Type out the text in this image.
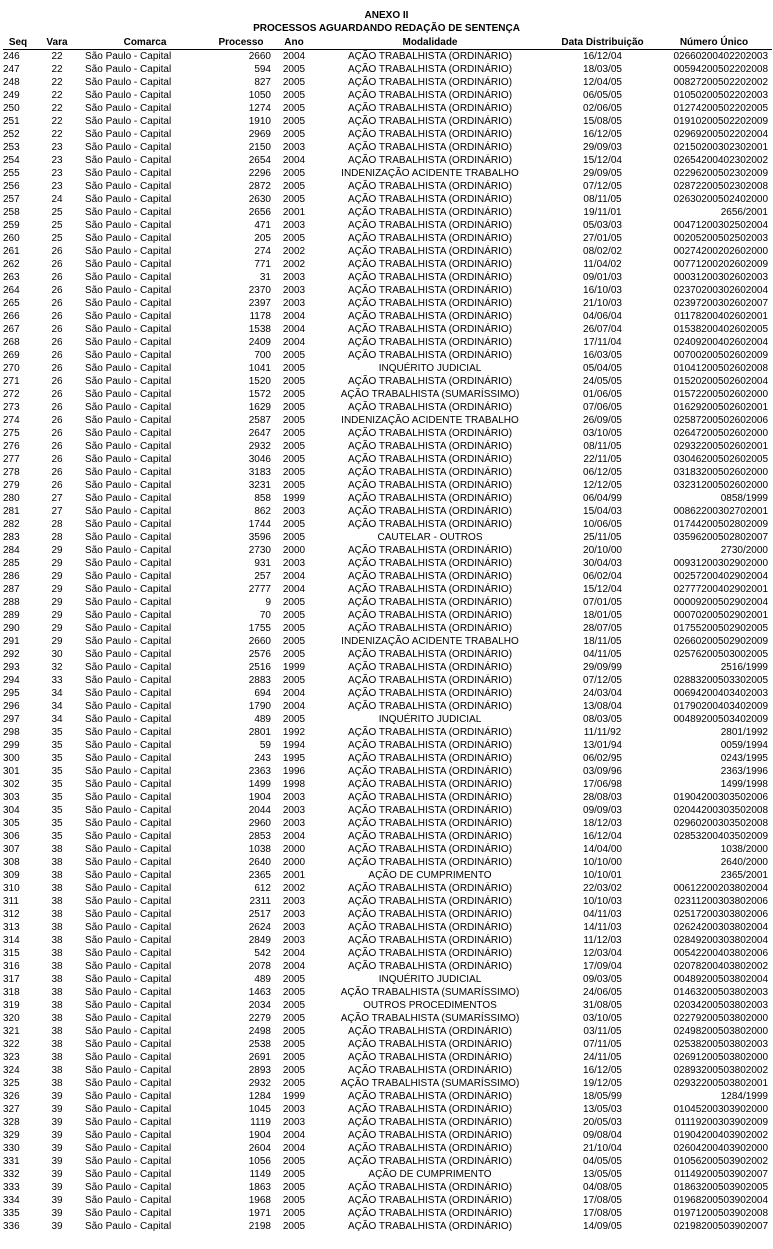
ANEXO II
PROCESSOS AGUARDANDO REDAÇÃO DE SENTENÇA
Seq	Vara	Comarca	Processo	Ano	Modalidade	Data Distribuição	Número Único
246	22	São Paulo - Capital	2660	2004	AÇÃO TRABALHISTA (ORDINÁRIO)	16/12/04	02660200402202003
247	22	São Paulo - Capital	594	2005	AÇÃO TRABALHISTA (ORDINÁRIO)	18/03/05	00594200502202008
248	22	São Paulo - Capital	827	2005	AÇÃO TRABALHISTA (ORDINÁRIO)	12/04/05	00827200502202002
249	22	São Paulo - Capital	1050	2005	AÇÃO TRABALHISTA (ORDINÁRIO)	06/05/05	01050200502202003
250	22	São Paulo - Capital	1274	2005	AÇÃO TRABALHISTA (ORDINÁRIO)	02/06/05	01274200502202005
251	22	São Paulo - Capital	1910	2005	AÇÃO TRABALHISTA (ORDINÁRIO)	15/08/05	01910200502202009
252	22	São Paulo - Capital	2969	2005	AÇÃO TRABALHISTA (ORDINÁRIO)	16/12/05	02969200502202004
253	23	São Paulo - Capital	2150	2003	AÇÃO TRABALHISTA (ORDINÁRIO)	29/09/03	02150200302302001
254	23	São Paulo - Capital	2654	2004	AÇÃO TRABALHISTA (ORDINÁRIO)	15/12/04	02654200402302002
255	23	São Paulo - Capital	2296	2005	INDENIZAÇÃO ACIDENTE TRABALHO	29/09/05	02296200502302009
256	23	São Paulo - Capital	2872	2005	AÇÃO TRABALHISTA (ORDINÁRIO)	07/12/05	02872200502302008
257	24	São Paulo - Capital	2630	2005	AÇÃO TRABALHISTA (ORDINÁRIO)	08/11/05	02630200502402000
258	25	São Paulo - Capital	2656	2001	AÇÃO TRABALHISTA (ORDINÁRIO)	19/11/01	2656/2001
259	25	São Paulo - Capital	471	2003	AÇÃO TRABALHISTA (ORDINÁRIO)	05/03/03	00471200302502004
260	25	São Paulo - Capital	205	2005	AÇÃO TRABALHISTA (ORDINÁRIO)	27/01/05	00205200502502003
261	26	São Paulo - Capital	274	2002	AÇÃO TRABALHISTA (ORDINÁRIO)	08/02/02	00274200202602000
262	26	São Paulo - Capital	771	2002	AÇÃO TRABALHISTA (ORDINÁRIO)	11/04/02	00771200202602009
263	26	São Paulo - Capital	31	2003	AÇÃO TRABALHISTA (ORDINÁRIO)	09/01/03	00031200302602003
264	26	São Paulo - Capital	2370	2003	AÇÃO TRABALHISTA (ORDINÁRIO)	16/10/03	02370200302602004
265	26	São Paulo - Capital	2397	2003	AÇÃO TRABALHISTA (ORDINÁRIO)	21/10/03	02397200302602007
266	26	São Paulo - Capital	1178	2004	AÇÃO TRABALHISTA (ORDINÁRIO)	04/06/04	01178200402602001
267	26	São Paulo - Capital	1538	2004	AÇÃO TRABALHISTA (ORDINÁRIO)	26/07/04	01538200402602005
268	26	São Paulo - Capital	2409	2004	AÇÃO TRABALHISTA (ORDINÁRIO)	17/11/04	02409200402602004
269	26	São Paulo - Capital	700	2005	AÇÃO TRABALHISTA (ORDINÁRIO)	16/03/05	00700200502602009
270	26	São Paulo - Capital	1041	2005	INQUÉRITO JUDICIAL	05/04/05	01041200502602008
271	26	São Paulo - Capital	1520	2005	AÇÃO TRABALHISTA (ORDINÁRIO)	24/05/05	01520200502602004
272	26	São Paulo - Capital	1572	2005	AÇÃO TRABALHISTA (SUMARÍSSIMO)	01/06/05	01572200502602000
273	26	São Paulo - Capital	1629	2005	AÇÃO TRABALHISTA (ORDINÁRIO)	07/06/05	01629200502602001
274	26	São Paulo - Capital	2587	2005	INDENIZAÇÃO ACIDENTE TRABALHO	26/09/05	02587200502602006
275	26	São Paulo - Capital	2647	2005	AÇÃO TRABALHISTA (ORDINÁRIO)	03/10/05	02647200502602000
276	26	São Paulo - Capital	2932	2005	AÇÃO TRABALHISTA (ORDINÁRIO)	08/11/05	02932200502602001
277	26	São Paulo - Capital	3046	2005	AÇÃO TRABALHISTA (ORDINÁRIO)	22/11/05	03046200502602005
278	26	São Paulo - Capital	3183	2005	AÇÃO TRABALHISTA (ORDINÁRIO)	06/12/05	03183200502602000
279	26	São Paulo - Capital	3231	2005	AÇÃO TRABALHISTA (ORDINÁRIO)	12/12/05	03231200502602000
280	27	São Paulo - Capital	858	1999	AÇÃO TRABALHISTA (ORDINÁRIO)	06/04/99	0858/1999
281	27	São Paulo - Capital	862	2003	AÇÃO TRABALHISTA (ORDINÁRIO)	15/04/03	00862200302702001
282	28	São Paulo - Capital	1744	2005	AÇÃO TRABALHISTA (ORDINÁRIO)	10/06/05	01744200502802009
283	28	São Paulo - Capital	3596	2005	CAUTELAR - OUTROS	25/11/05	03596200502802007
284	29	São Paulo - Capital	2730	2000	AÇÃO TRABALHISTA (ORDINÁRIO)	20/10/00	2730/2000
285	29	São Paulo - Capital	931	2003	AÇÃO TRABALHISTA (ORDINÁRIO)	30/04/03	00931200302902000
286	29	São Paulo - Capital	257	2004	AÇÃO TRABALHISTA (ORDINÁRIO)	06/02/04	00257200402902004
287	29	São Paulo - Capital	2777	2004	AÇÃO TRABALHISTA (ORDINÁRIO)	15/12/04	02777200402902001
288	29	São Paulo - Capital	9	2005	AÇÃO TRABALHISTA (ORDINÁRIO)	07/01/05	00009200502902004
289	29	São Paulo - Capital	70	2005	AÇÃO TRABALHISTA (ORDINÁRIO)	18/01/05	00070200502902001
290	29	São Paulo - Capital	1755	2005	AÇÃO TRABALHISTA (ORDINÁRIO)	28/07/05	01755200502902005
291	29	São Paulo - Capital	2660	2005	INDENIZAÇÃO ACIDENTE TRABALHO	18/11/05	02660200502902009
292	30	São Paulo - Capital	2576	2005	AÇÃO TRABALHISTA (ORDINÁRIO)	04/11/05	02576200503002005
293	32	São Paulo - Capital	2516	1999	AÇÃO TRABALHISTA (ORDINÁRIO)	29/09/99	2516/1999
294	33	São Paulo - Capital	2883	2005	AÇÃO TRABALHISTA (ORDINÁRIO)	07/12/05	02883200503302005
295	34	São Paulo - Capital	694	2004	AÇÃO TRABALHISTA (ORDINÁRIO)	24/03/04	00694200403402003
296	34	São Paulo - Capital	1790	2004	AÇÃO TRABALHISTA (ORDINÁRIO)	13/08/04	01790200403402009
297	34	São Paulo - Capital	489	2005	INQUÉRITO JUDICIAL	08/03/05	00489200503402009
298	35	São Paulo - Capital	2801	1992	AÇÃO TRABALHISTA (ORDINÁRIO)	11/11/92	2801/1992
299	35	São Paulo - Capital	59	1994	AÇÃO TRABALHISTA (ORDINÁRIO)	13/01/94	0059/1994
300	35	São Paulo - Capital	243	1995	AÇÃO TRABALHISTA (ORDINÁRIO)	06/02/95	0243/1995
301	35	São Paulo - Capital	2363	1996	AÇÃO TRABALHISTA (ORDINÁRIO)	03/09/96	2363/1996
302	35	São Paulo - Capital	1499	1998	AÇÃO TRABALHISTA (ORDINÁRIO)	17/06/98	1499/1998
303	35	São Paulo - Capital	1904	2003	AÇÃO TRABALHISTA (ORDINÁRIO)	28/08/03	01904200303502006
304	35	São Paulo - Capital	2044	2003	AÇÃO TRABALHISTA (ORDINÁRIO)	09/09/03	02044200303502008
305	35	São Paulo - Capital	2960	2003	AÇÃO TRABALHISTA (ORDINÁRIO)	18/12/03	02960200303502008
306	35	São Paulo - Capital	2853	2004	AÇÃO TRABALHISTA (ORDINÁRIO)	16/12/04	02853200403502009
307	38	São Paulo - Capital	1038	2000	AÇÃO TRABALHISTA (ORDINÁRIO)	14/04/00	1038/2000
308	38	São Paulo - Capital	2640	2000	AÇÃO TRABALHISTA (ORDINÁRIO)	10/10/00	2640/2000
309	38	São Paulo - Capital	2365	2001	AÇÃO DE CUMPRIMENTO	10/10/01	2365/2001
310	38	São Paulo - Capital	612	2002	AÇÃO TRABALHISTA (ORDINÁRIO)	22/03/02	00612200203802004
311	38	São Paulo - Capital	2311	2003	AÇÃO TRABALHISTA (ORDINÁRIO)	10/10/03	02311200303802006
312	38	São Paulo - Capital	2517	2003	AÇÃO TRABALHISTA (ORDINÁRIO)	04/11/03	02517200303802006
313	38	São Paulo - Capital	2624	2003	AÇÃO TRABALHISTA (ORDINÁRIO)	14/11/03	02624200303802004
314	38	São Paulo - Capital	2849	2003	AÇÃO TRABALHISTA (ORDINÁRIO)	11/12/03	02849200303802004
315	38	São Paulo - Capital	542	2004	AÇÃO TRABALHISTA (ORDINÁRIO)	12/03/04	00542200403802006
316	38	São Paulo - Capital	2078	2004	AÇÃO TRABALHISTA (ORDINÁRIO)	17/09/04	02078200403802002
317	38	São Paulo - Capital	489	2005	INQUÉRITO JUDICIAL	09/03/05	00489200503802004
318	38	São Paulo - Capital	1463	2005	AÇÃO TRABALHISTA (SUMARÍSSIMO)	24/06/05	01463200503802003
319	38	São Paulo - Capital	2034	2005	OUTROS PROCEDIMENTOS	31/08/05	02034200503802003
320	38	São Paulo - Capital	2279	2005	AÇÃO TRABALHISTA (SUMARÍSSIMO)	03/10/05	02279200503802000
321	38	São Paulo - Capital	2498	2005	AÇÃO TRABALHISTA (ORDINÁRIO)	03/11/05	02498200503802000
322	38	São Paulo - Capital	2538	2005	AÇÃO TRABALHISTA (ORDINÁRIO)	07/11/05	02538200503802003
323	38	São Paulo - Capital	2691	2005	AÇÃO TRABALHISTA (ORDINÁRIO)	24/11/05	02691200503802000
324	38	São Paulo - Capital	2893	2005	AÇÃO TRABALHISTA (ORDINÁRIO)	16/12/05	02893200503802002
325	38	São Paulo - Capital	2932	2005	AÇÃO TRABALHISTA (SUMARÍSSIMO)	19/12/05	02932200503802001
326	39	São Paulo - Capital	1284	1999	AÇÃO TRABALHISTA (ORDINÁRIO)	18/05/99	1284/1999
327	39	São Paulo - Capital	1045	2003	AÇÃO TRABALHISTA (ORDINÁRIO)	13/05/03	01045200303902000
328	39	São Paulo - Capital	1119	2003	AÇÃO TRABALHISTA (ORDINÁRIO)	20/05/03	01119200303902009
329	39	São Paulo - Capital	1904	2004	AÇÃO TRABALHISTA (ORDINÁRIO)	09/08/04	01904200403902002
330	39	São Paulo - Capital	2604	2004	AÇÃO TRABALHISTA (ORDINÁRIO)	21/10/04	02604200403902000
331	39	São Paulo - Capital	1056	2005	AÇÃO TRABALHISTA (ORDINÁRIO)	04/05/05	01056200503902002
332	39	São Paulo - Capital	1149	2005	AÇÃO DE CUMPRIMENTO	13/05/05	01149200503902007
333	39	São Paulo - Capital	1863	2005	AÇÃO TRABALHISTA (ORDINÁRIO)	04/08/05	01863200503902005
334	39	São Paulo - Capital	1968	2005	AÇÃO TRABALHISTA (ORDINÁRIO)	17/08/05	01968200503902004
335	39	São Paulo - Capital	1971	2005	AÇÃO TRABALHISTA (ORDINÁRIO)	17/08/05	01971200503902008
336	39	São Paulo - Capital	2198	2005	AÇÃO TRABALHISTA (ORDINÁRIO)	14/09/05	02198200503902007
